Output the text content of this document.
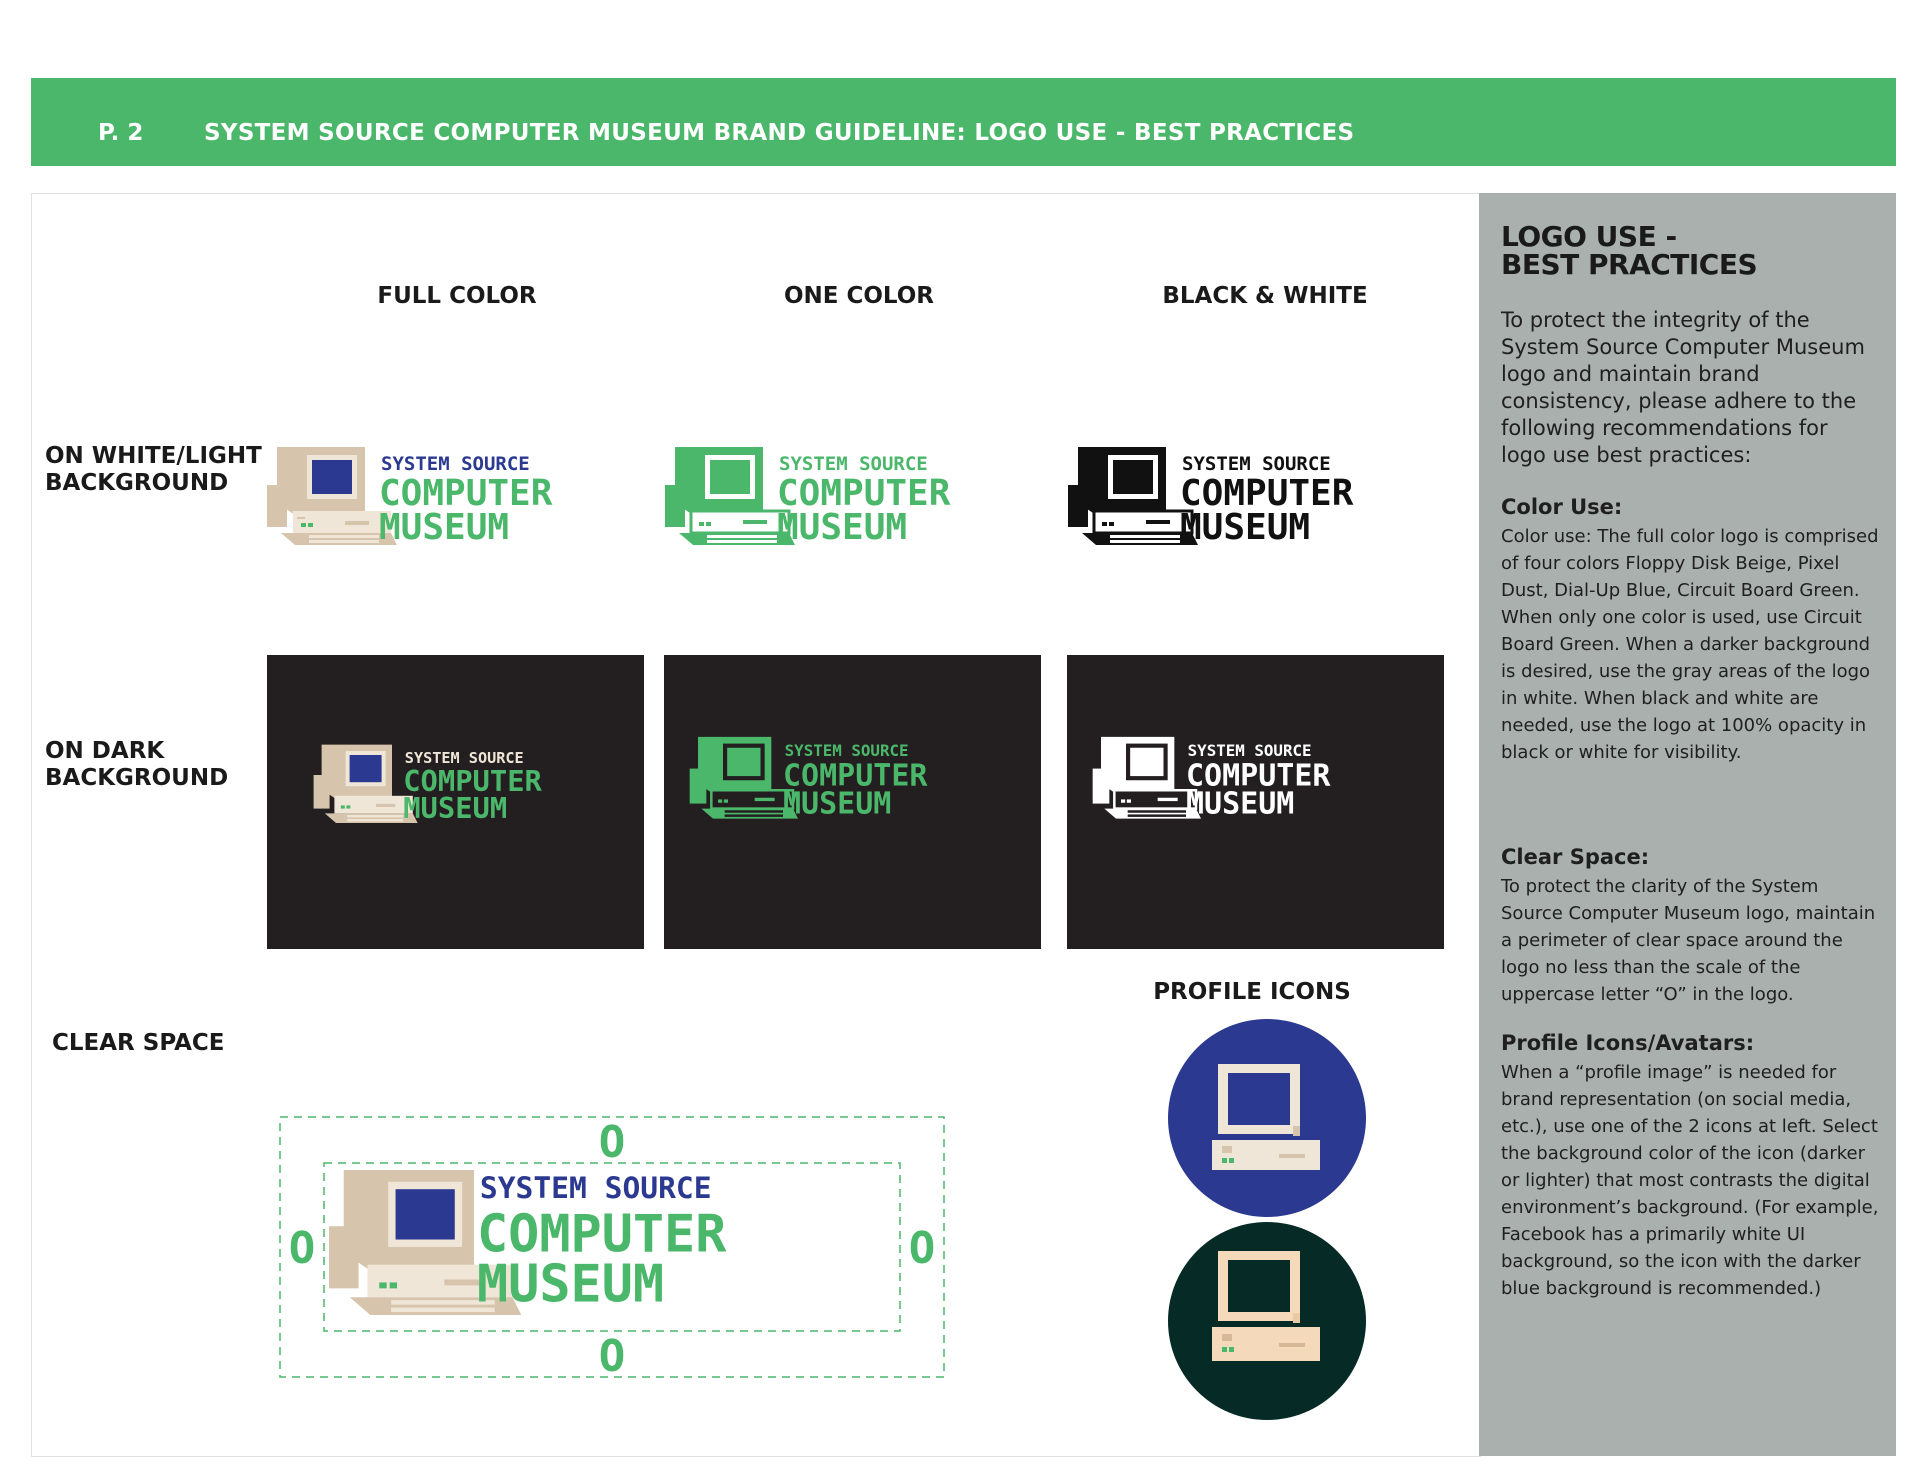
P. 2	SYSTEM SOURCE COMPUTER MUSEUM BRAND GUIDELINE: LOGO USE - BEST PRACTICES
FULL COLOR	ONE COLOR	BLACK & WHITE
ON WHITE/LIGHT
BACKGROUND
ON DARK
BACKGROUND
CLEAR SPACE
SYSTEM SOURCE
COMPUTER
MUSEUM
SYSTEM SOURCE
COMPUTER
MUSEUM
SYSTEM SOURCE
COMPUTER
MUSEUM
SYSTEM SOURCE
COMPUTER
MUSEUM
SYSTEM SOURCE
COMPUTER
MUSEUM
SYSTEM SOURCE
COMPUTER
MUSEUM
O
O
O	O
SYSTEM SOURCE
COMPUTER
MUSEUM
PROFILE ICONS
LOGO USE -
BEST PRACTICES
To protect the integrity of the System Source Computer Museum logo and maintain brand consistency, please adhere to the following recommendations for logo use best practices:
Color Use:
Color use: The full color logo is comprised of four colors Floppy Disk Beige, Pixel Dust, Dial-Up Blue, Circuit Board Green. When only one color is used, use Circuit Board Green. When a darker background is desired, use the gray areas of the logo in white. When black and white are needed, use the logo at 100% opacity in black or white for visibility.
Clear Space:
To protect the clarity of the System Source Computer Museum logo, maintain a perimeter of clear space around the logo no less than the scale of the uppercase letter “O” in the logo.
Profile Icons/Avatars:
When a “profile image” is needed for brand representation (on social media, etc.), use one of the 2 icons at left. Select the background color of the icon (darker or lighter) that most contrasts the digital environment’s background. (For example, Facebook has a primarily white UI background, so the icon with the darker blue background is recommended.)
